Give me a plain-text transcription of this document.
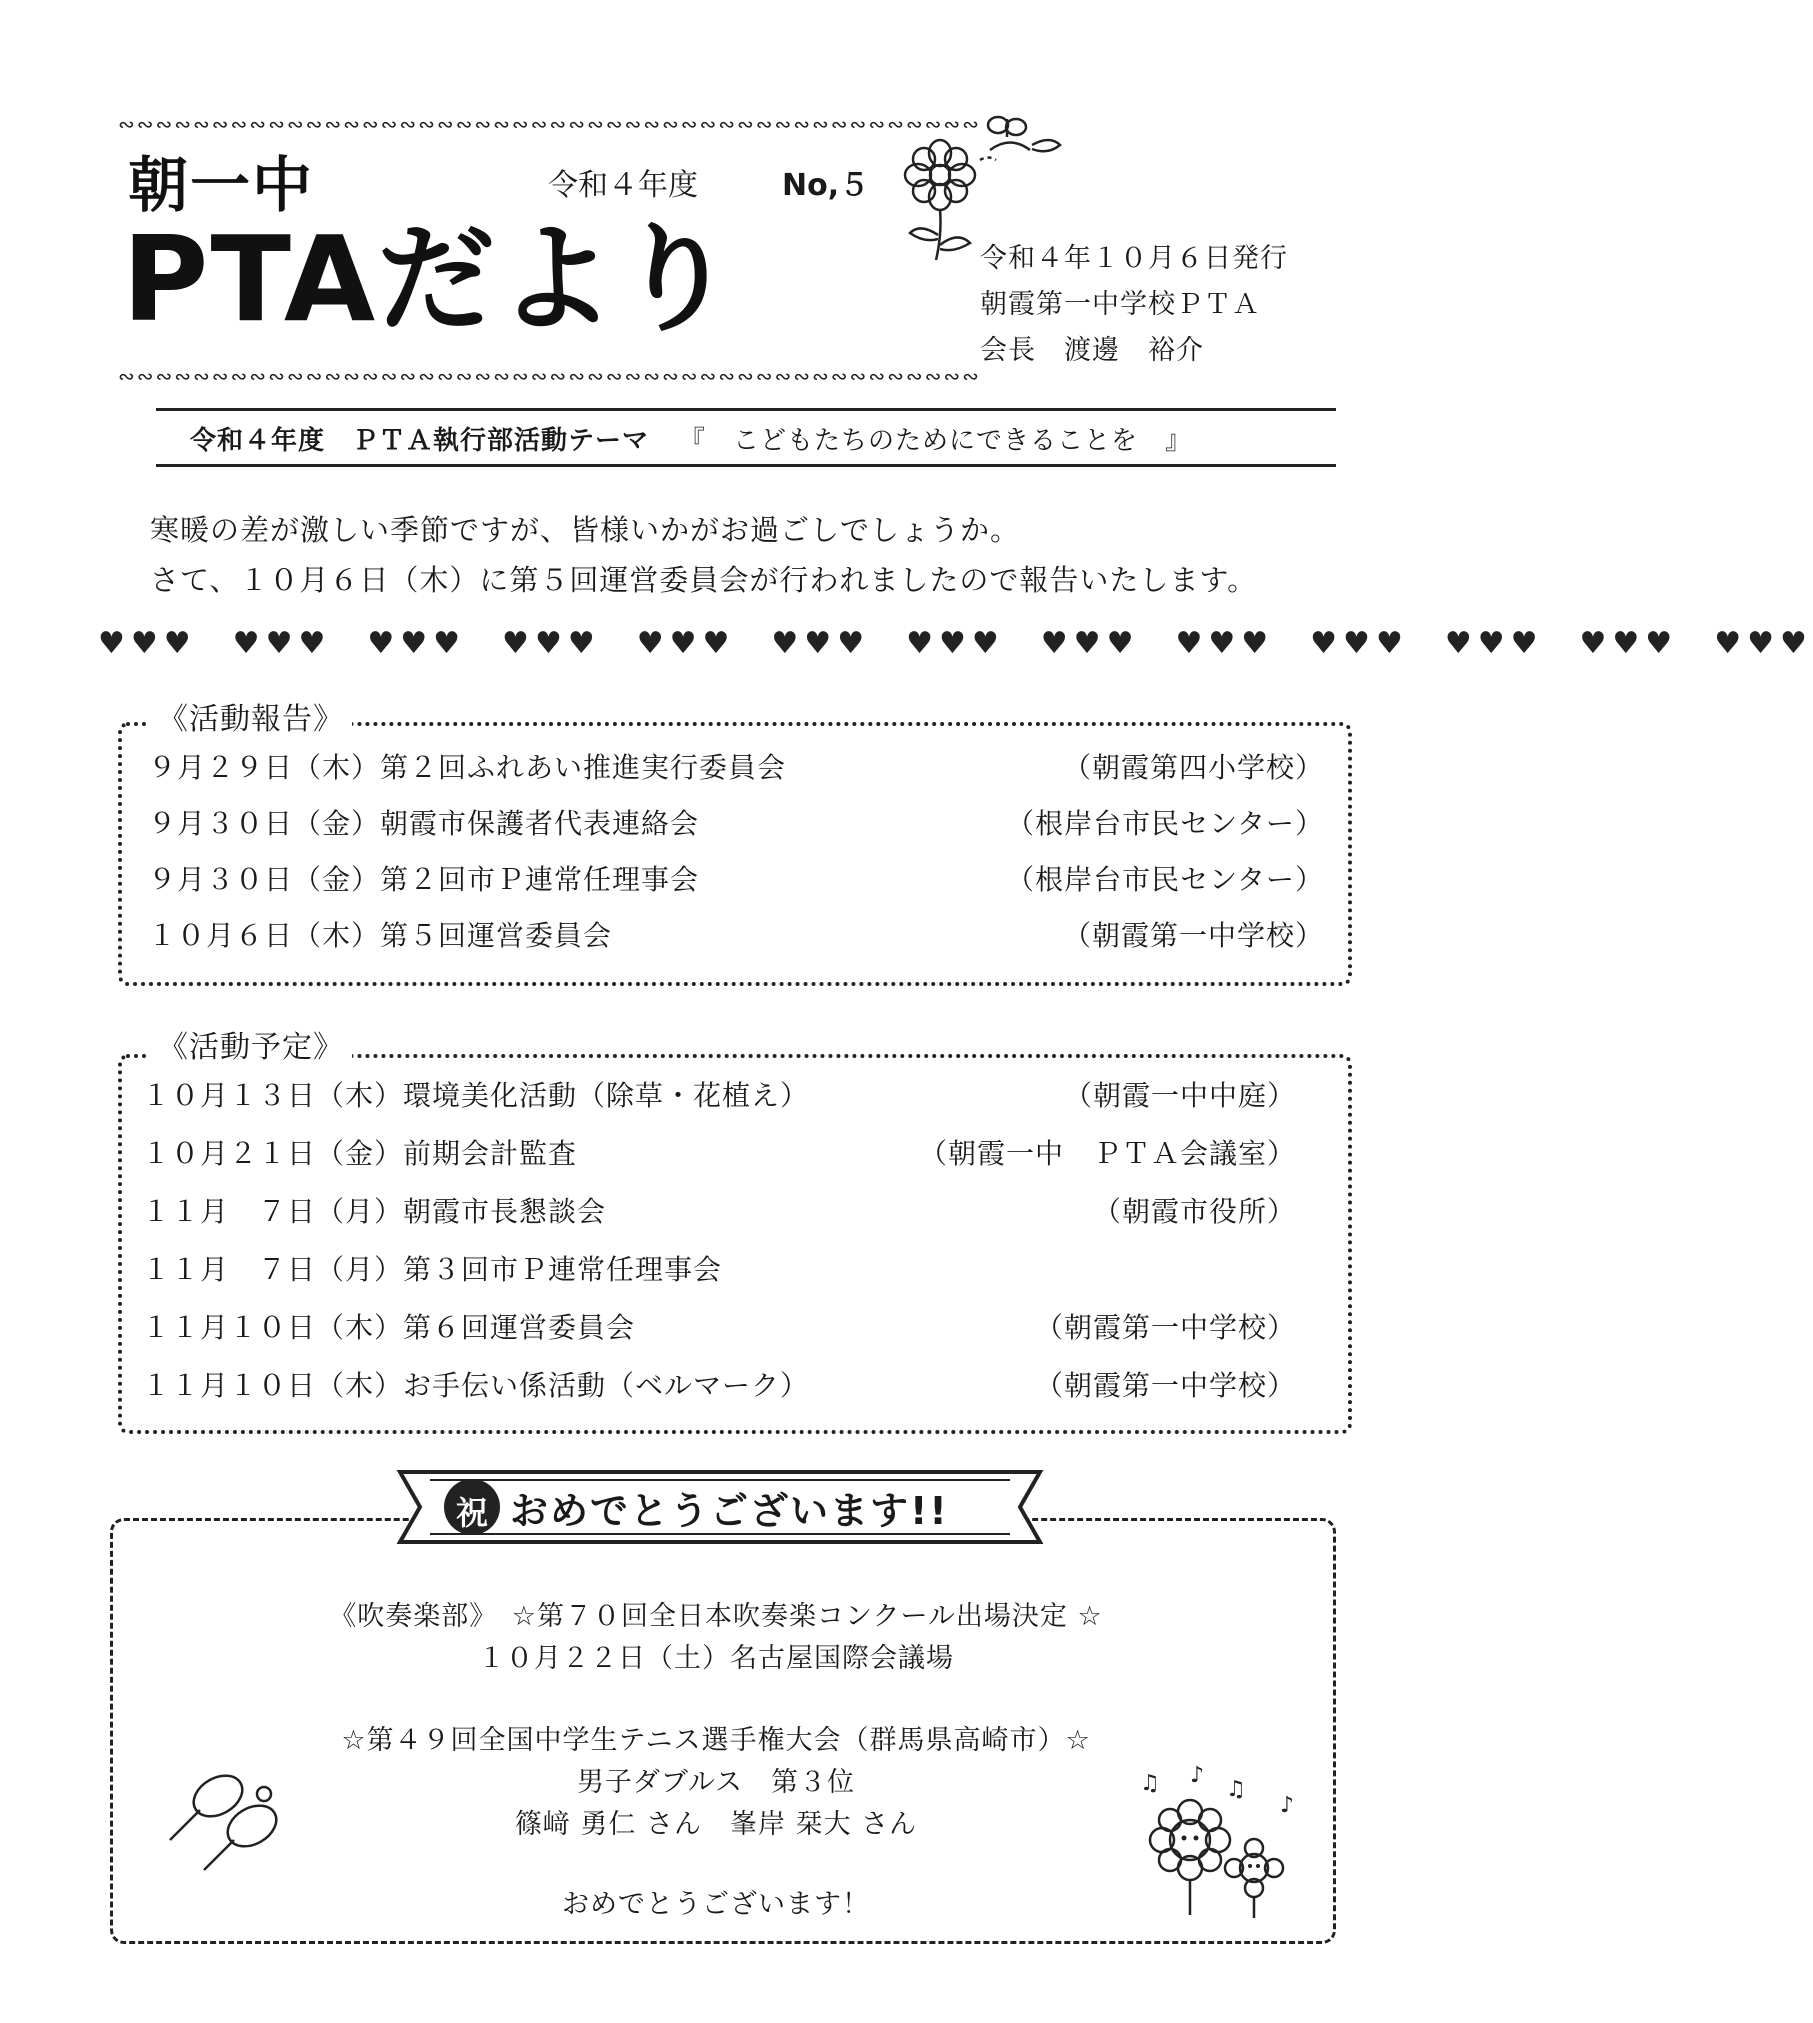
∾∾∾∾∾∾∾∾∾∾∾∾∾∾∾∾∾∾∾∾∾∾∾∾∾∾∾∾∾∾∾∾∾∾∾∾∾∾∾∾∾∾∾∾∾∾
∾∾∾∾∾∾∾∾∾∾∾∾∾∾∾∾∾∾∾∾∾∾∾∾∾∾∾∾∾∾∾∾∾∾∾∾∾∾∾∾∾∾∾∾∾∾
朝一中
PTAだより
令和４年度	No,５
令和４年１０月６日発行
朝霞第一中学校ＰＴＡ
会長　渡邊　裕介
令和４年度　ＰＴＡ執行部活動テーマ 『　こどもたちのためにできることを　』
寒暖の差が激しい季節ですが、皆様いかがお過ごしでしょうか。
さて、１０月６日（木）に第５回運営委員会が行われましたので報告いたします。
♥♥♥　♥♥♥　♥♥♥　♥♥♥　♥♥♥　♥♥♥　♥♥♥　♥♥♥　♥♥♥　♥♥♥　♥♥♥　♥♥♥　♥♥♥
《活動報告》
９月２９日（木）第２回ふれあい推進実行委員会	（朝霞第四小学校）
９月３０日（金）朝霞市保護者代表連絡会	（根岸台市民センター）
９月３０日（金）第２回市Ｐ連常任理事会	（根岸台市民センター）
１０月６日（木）第５回運営委員会	（朝霞第一中学校）
《活動予定》
１０月１３日（木）環境美化活動（除草・花植え）	（朝霞一中中庭）
１０月２１日（金）前期会計監査	（朝霞一中　ＰＴＡ会議室）
１１月　７日（月）朝霞市長懇談会	（朝霞市役所）
１１月　７日（月）第３回市Ｐ連常任理事会
１１月１０日（木）第６回運営委員会	（朝霞第一中学校）
１１月１０日（木）お手伝い係活動（ベルマーク）	（朝霞第一中学校）
祝 おめでとうございます!!
《吹奏楽部》　☆第７０回全日本吹奏楽コンクール出場決定 ☆
１０月２２日（土）名古屋国際会議場
☆第４９回全国中学生テニス選手権大会（群馬県高崎市）☆
男子ダブルス　第３位
篠﨑 勇仁 さん　峯岸 栞大 さん
おめでとうございます！
♫ ♪
♫
♪
